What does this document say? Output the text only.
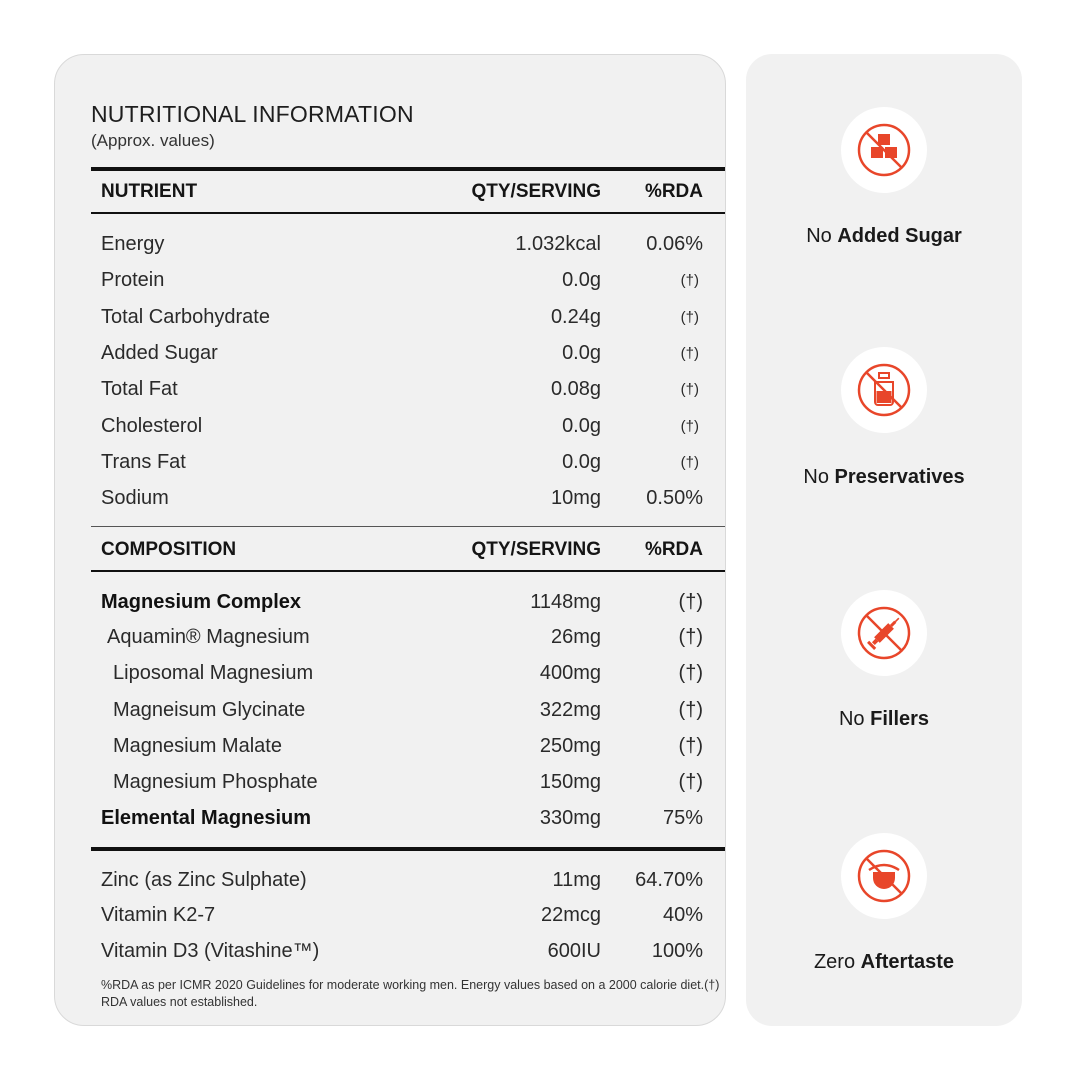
NUTRITIONAL INFORMATION
(Approx. values)
NUTRIENT	QTY/SERVING %RDA
Energy	1.032kcal 0.06%
Protein	0.0g	(†)
Total Carbohydrate	0.24g	(†)
Added Sugar	0.0g	(†)
Total Fat	0.08g	(†)
Cholesterol	0.0g	(†)
Trans Fat	0.0g	(†)
Sodium	10mg 0.50%
COMPOSITION	QTY/SERVING %RDA
Magnesium Complex	1148mg	(†)
Aquamin® Magnesium	26mg	(†)
Liposomal Magnesium	400mg	(†)
Magneisum Glycinate	322mg	(†)
Magnesium Malate	250mg	(†)
Magnesium Phosphate	150mg	(†)
Elemental Magnesium	330mg	75%
Zinc (as Zinc Sulphate)	11mg 64.70%
Vitamin K2-7	22mcg	40%
Vitamin D3 (Vitashine™)	600IU	100%
%RDA as per ICMR 2020 Guidelines for moderate working men. Energy values based on a 2000 calorie diet.(†) RDA values not established.
No Added Sugar
No Preservatives
No Fillers
Zero Aftertaste
